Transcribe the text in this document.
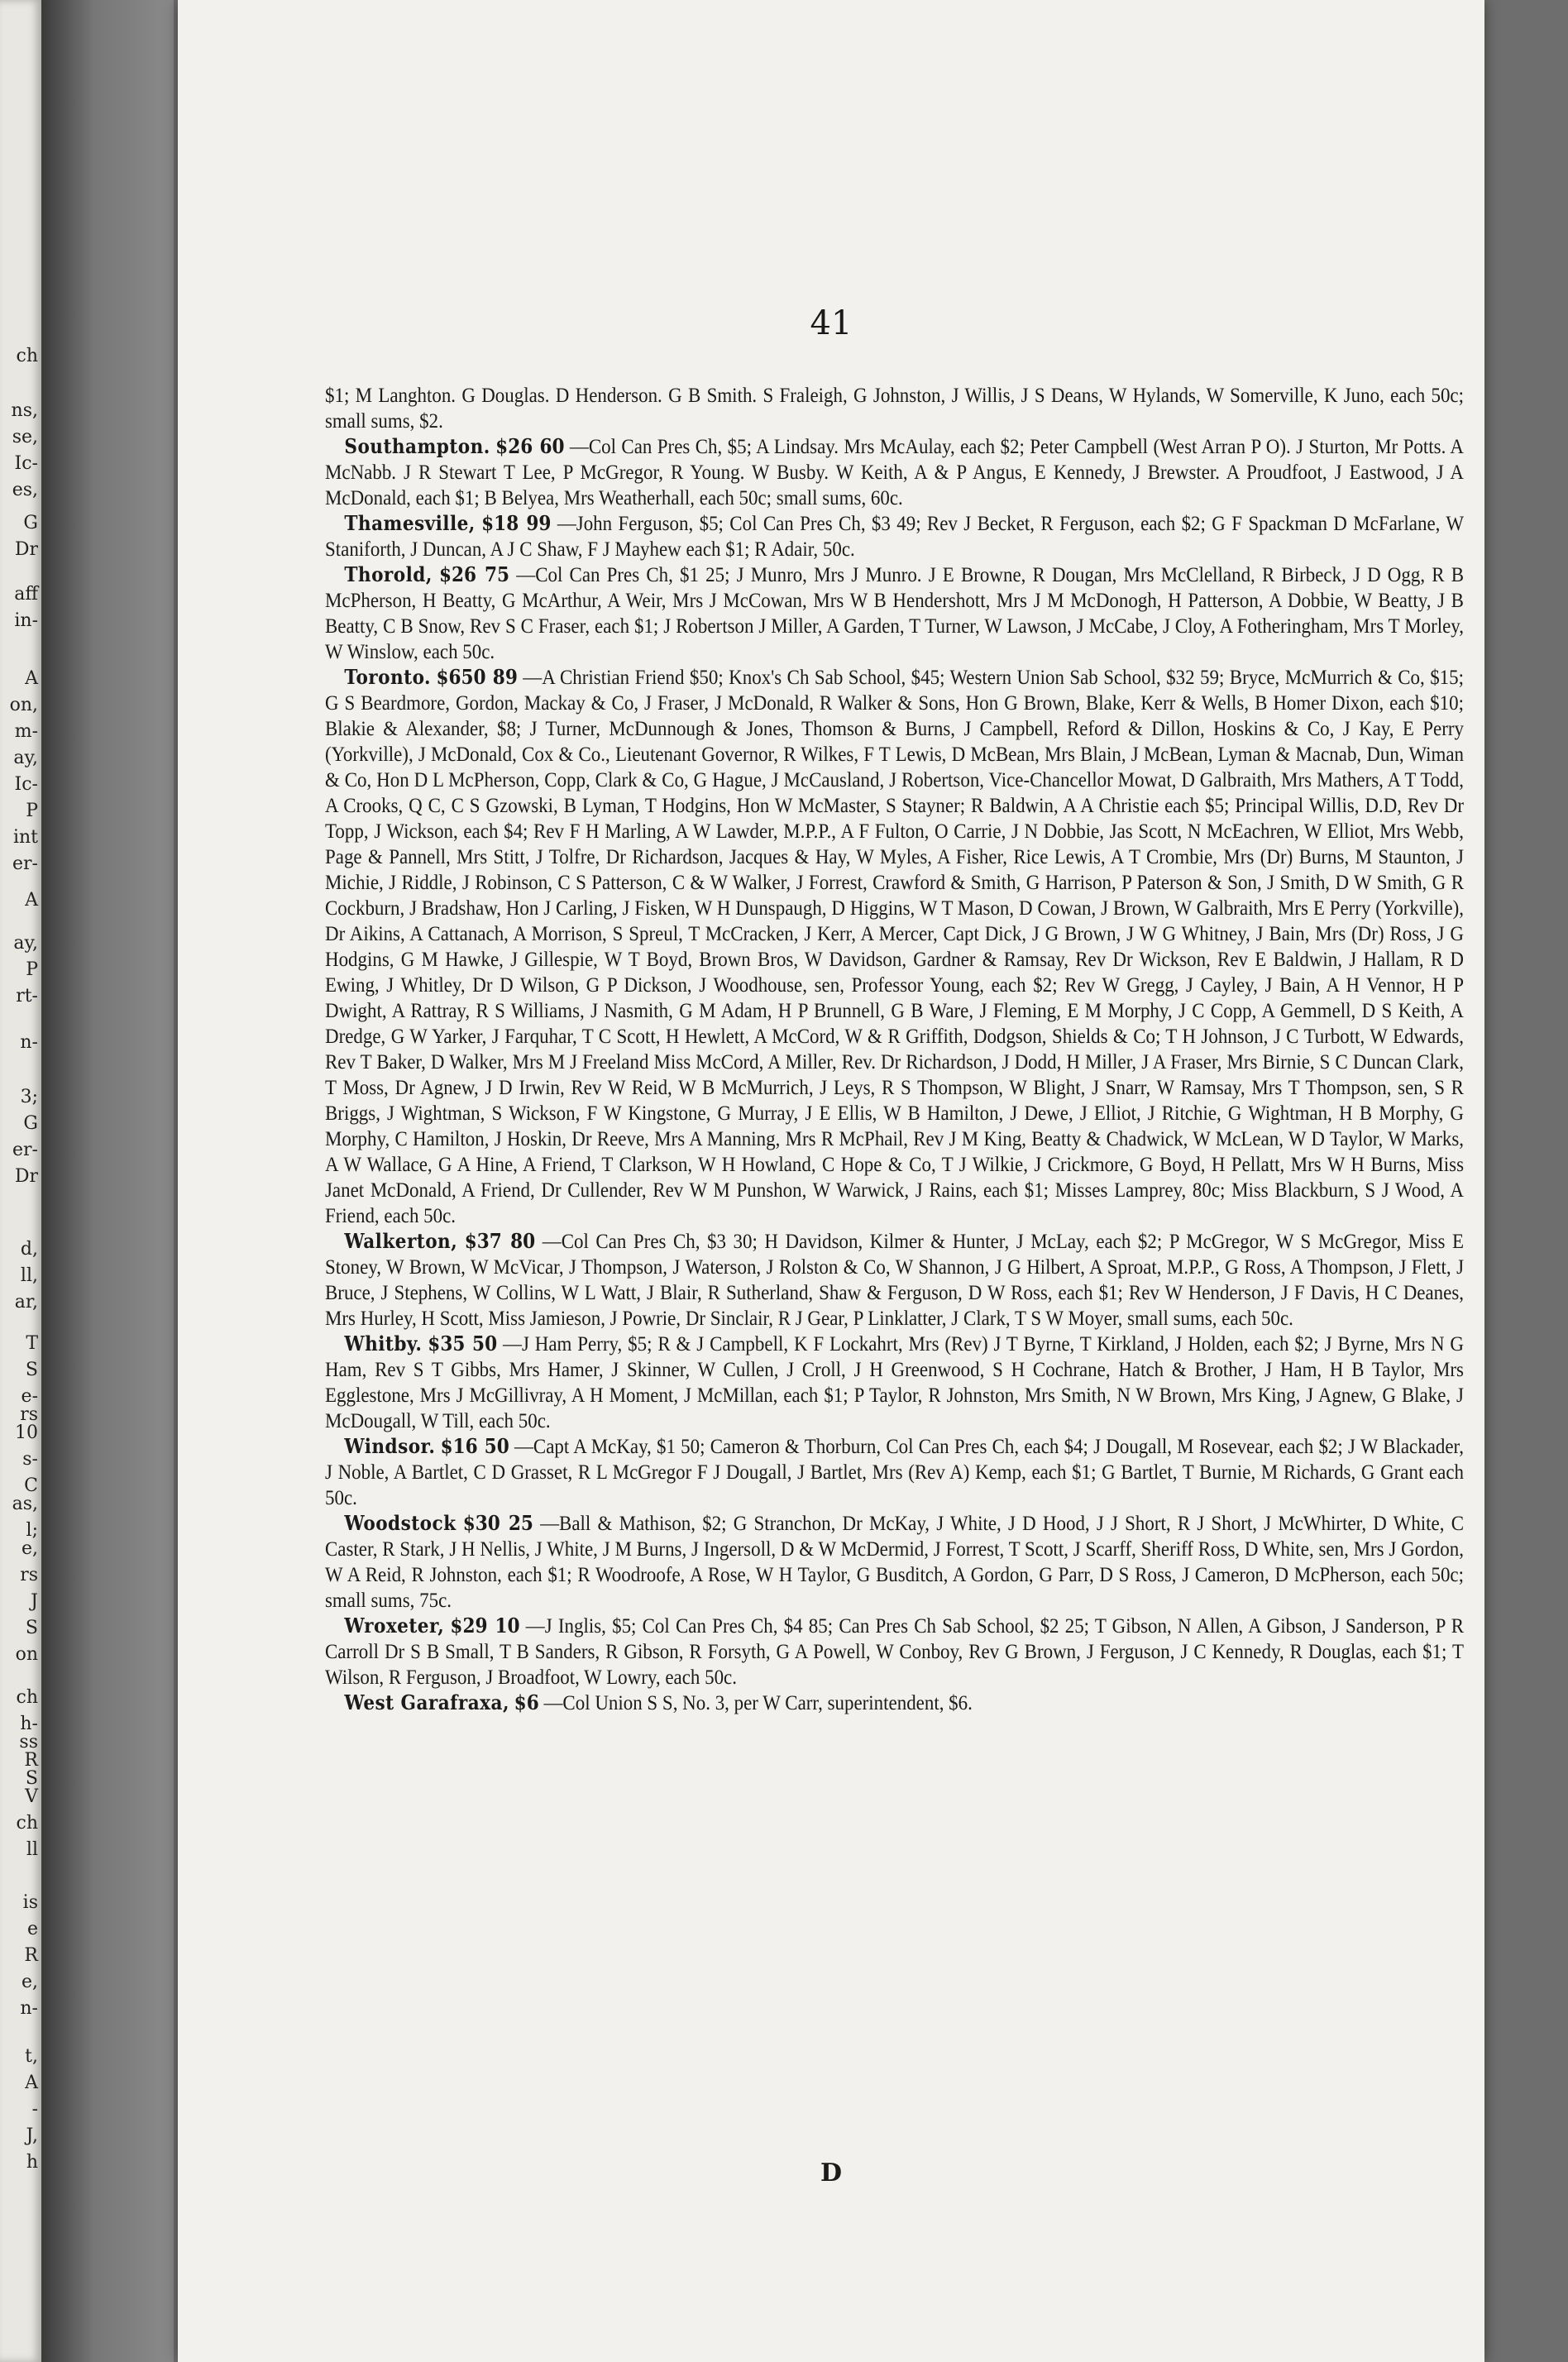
ch
ns,
se,
Ic-
es,
G
Dr
aff
in-
A
on,
m-
ay,
Ic-
P
int
er-
A
ay,
P
rt-
n-
3;
G
er-
Dr
d,
ll,
ar,
T
S
e-
rs
10
s-
C
as,
l;
e,
rs
J
S
on
ch
h-
ss
R
S
V
ch
ll
is
e
R
e,
n-
t,
A
-
J,
h
41

$1; M Langhton. G Douglas. D Henderson. G B Smith. S Fraleigh, G Johnston, J Willis, J S Deans, W Hylands, W Somerville, K Juno, each 50c; small sums, $2.

Southampton. $26 60 —Col Can Pres Ch, $5; A Lindsay. Mrs McAulay, each $2; Peter Campbell (West Arran P O). J Sturton, Mr Potts. A McNabb. J R Stewart T Lee, P McGregor, R Young. W Busby. W Keith, A & P Angus, E Kennedy, J Brewster. A Proudfoot, J Eastwood, J A McDonald, each $1; B Belyea, Mrs Weatherhall, each 50c; small sums, 60c.

Thamesville, $18 99 —John Ferguson, $5; Col Can Pres Ch, $3 49; Rev J Becket, R Ferguson, each $2; G F Spackman D McFarlane, W Staniforth, J Duncan, A J C Shaw, F J Mayhew each $1; R Adair, 50c.

Thorold, $26 75 —Col Can Pres Ch, $1 25; J Munro, Mrs J Munro. J E Browne, R Dougan, Mrs McClelland, R Birbeck, J D Ogg, R B McPherson, H Beatty, G McArthur, A Weir, Mrs J McCowan, Mrs W B Hendershott, Mrs J M McDonogh, H Patterson, A Dobbie, W Beatty, J B Beatty, C B Snow, Rev S C Fraser, each $1; J Robertson J Miller, A Garden, T Turner, W Lawson, J McCabe, J Cloy, A Fotheringham, Mrs T Morley, W Winslow, each 50c.

Toronto. $650 89 —A Christian Friend $50; Knox's Ch Sab School, $45; Western Union Sab School, $32 59; Bryce, McMurrich & Co, $15; G S Beardmore, Gordon, Mackay & Co, J Fraser, J McDonald, R Walker & Sons, Hon G Brown, Blake, Kerr & Wells, B Homer Dixon, each $10; Blakie & Alexander, $8; J Turner, McDunnough & Jones, Thomson & Burns, J Campbell, Reford & Dillon, Hoskins & Co, J Kay, E Perry (Yorkville), J McDonald, Cox & Co., Lieutenant Governor, R Wilkes, F T Lewis, D McBean, Mrs Blain, J McBean, Lyman & Macnab, Dun, Wiman & Co, Hon D L McPherson, Copp, Clark & Co, G Hague, J McCausland, J Robertson, Vice-Chancellor Mowat, D Galbraith, Mrs Mathers, A T Todd, A Crooks, Q C, C S Gzowski, B Lyman, T Hodgins, Hon W McMaster, S Stayner; R Baldwin, A A Christie each $5; Principal Willis, D.D, Rev Dr Topp, J Wickson, each $4; Rev F H Marling, A W Lawder, M.P.P., A F Fulton, O Carrie, J N Dobbie, Jas Scott, N McEachren, W Elliot, Mrs Webb, Page & Pannell, Mrs Stitt, J Tolfre, Dr Richardson, Jacques & Hay, W Myles, A Fisher, Rice Lewis, A T Crombie, Mrs (Dr) Burns, M Staunton, J Michie, J Riddle, J Robinson, C S Patterson, C & W Walker, J Forrest, Crawford & Smith, G Harrison, P Paterson & Son, J Smith, D W Smith, G R Cockburn, J Bradshaw, Hon J Carling, J Fisken, W H Dunspaugh, D Higgins, W T Mason, D Cowan, J Brown, W Galbraith, Mrs E Perry (Yorkville), Dr Aikins, A Cattanach, A Morrison, S Spreul, T McCracken, J Kerr, A Mercer, Capt Dick, J G Brown, J W G Whitney, J Bain, Mrs (Dr) Ross, J G Hodgins, G M Hawke, J Gillespie, W T Boyd, Brown Bros, W Davidson, Gardner & Ramsay, Rev Dr Wickson, Rev E Baldwin, J Hallam, R D Ewing, J Whitley, Dr D Wilson, G P Dickson, J Woodhouse, sen, Professor Young, each $2; Rev W Gregg, J Cayley, J Bain, A H Vennor, H P Dwight, A Rattray, R S Williams, J Nasmith, G M Adam, H P Brunnell, G B Ware, J Fleming, E M Morphy, J C Copp, A Gemmell, D S Keith, A Dredge, G W Yarker, J Farquhar, T C Scott, H Hewlett, A McCord, W & R Griffith, Dodgson, Shields & Co; T H Johnson, J C Turbott, W Edwards, Rev T Baker, D Walker, Mrs M J Freeland Miss McCord, A Miller, Rev. Dr Richardson, J Dodd, H Miller, J A Fraser, Mrs Birnie, S C Duncan Clark, T Moss, Dr Agnew, J D Irwin, Rev W Reid, W B McMurrich, J Leys, R S Thompson, W Blight, J Snarr, W Ramsay, Mrs T Thompson, sen, S R Briggs, J Wightman, S Wickson, F W Kingstone, G Murray, J E Ellis, W B Hamilton, J Dewe, J Elliot, J Ritchie, G Wightman, H B Morphy, G Morphy, C Hamilton, J Hoskin, Dr Reeve, Mrs A Manning, Mrs R McPhail, Rev J M King, Beatty & Chadwick, W McLean, W D Taylor, W Marks, A W Wallace, G A Hine, A Friend, T Clarkson, W H Howland, C Hope & Co, T J Wilkie, J Crickmore, G Boyd, H Pellatt, Mrs W H Burns, Miss Janet McDonald, A Friend, Dr Cullender, Rev W M Punshon, W Warwick, J Rains, each $1; Misses Lamprey, 80c; Miss Blackburn, S J Wood, A Friend, each 50c.

Walkerton, $37 80 —Col Can Pres Ch, $3 30; H Davidson, Kilmer & Hunter, J McLay, each $2; P McGregor, W S McGregor, Miss E Stoney, W Brown, W McVicar, J Thompson, J Waterson, J Rolston & Co, W Shannon, J G Hilbert, A Sproat, M.P.P., G Ross, A Thompson, J Flett, J Bruce, J Stephens, W Collins, W L Watt, J Blair, R Sutherland, Shaw & Ferguson, D W Ross, each $1; Rev W Henderson, J F Davis, H C Deanes, Mrs Hurley, H Scott, Miss Jamieson, J Powrie, Dr Sinclair, R J Gear, P Linklatter, J Clark, T S W Moyer, small sums, each 50c.

Whitby. $35 50 —J Ham Perry, $5; R & J Campbell, K F Lockahrt, Mrs (Rev) J T Byrne, T Kirkland, J Holden, each $2; J Byrne, Mrs N G Ham, Rev S T Gibbs, Mrs Hamer, J Skinner, W Cullen, J Croll, J H Greenwood, S H Cochrane, Hatch & Brother, J Ham, H B Taylor, Mrs Egglestone, Mrs J McGillivray, A H Moment, J McMillan, each $1; P Taylor, R Johnston, Mrs Smith, N W Brown, Mrs King, J Agnew, G Blake, J McDougall, W Till, each 50c.

Windsor. $16 50 —Capt A McKay, $1 50; Cameron & Thorburn, Col Can Pres Ch, each $4; J Dougall, M Rosevear, each $2; J W Blackader, J Noble, A Bartlet, C D Grasset, R L McGregor F J Dougall, J Bartlet, Mrs (Rev A) Kemp, each $1; G Bartlet, T Burnie, M Richards, G Grant each 50c.

Woodstock $30 25 —Ball & Mathison, $2; G Stranchon, Dr McKay, J White, J D Hood, J J Short, R J Short, J McWhirter, D White, C Caster, R Stark, J H Nellis, J White, J M Burns, J Ingersoll, D & W McDermid, J Forrest, T Scott, J Scarff, Sheriff Ross, D White, sen, Mrs J Gordon, W A Reid, R Johnston, each $1; R Woodroofe, A Rose, W H Taylor, G Busditch, A Gordon, G Parr, D S Ross, J Cameron, D McPherson, each 50c; small sums, 75c.

Wroxeter, $29 10 —J Inglis, $5; Col Can Pres Ch, $4 85; Can Pres Ch Sab School, $2 25; T Gibson, N Allen, A Gibson, J Sanderson, P R Carroll Dr S B Small, T B Sanders, R Gibson, R Forsyth, G A Powell, W Conboy, Rev G Brown, J Ferguson, J C Kennedy, R Douglas, each $1; T Wilson, R Ferguson, J Broadfoot, W Lowry, each 50c.

West Garafraxa, $6 —Col Union S S, No. 3, per W Carr, superintendent, $6.

D
